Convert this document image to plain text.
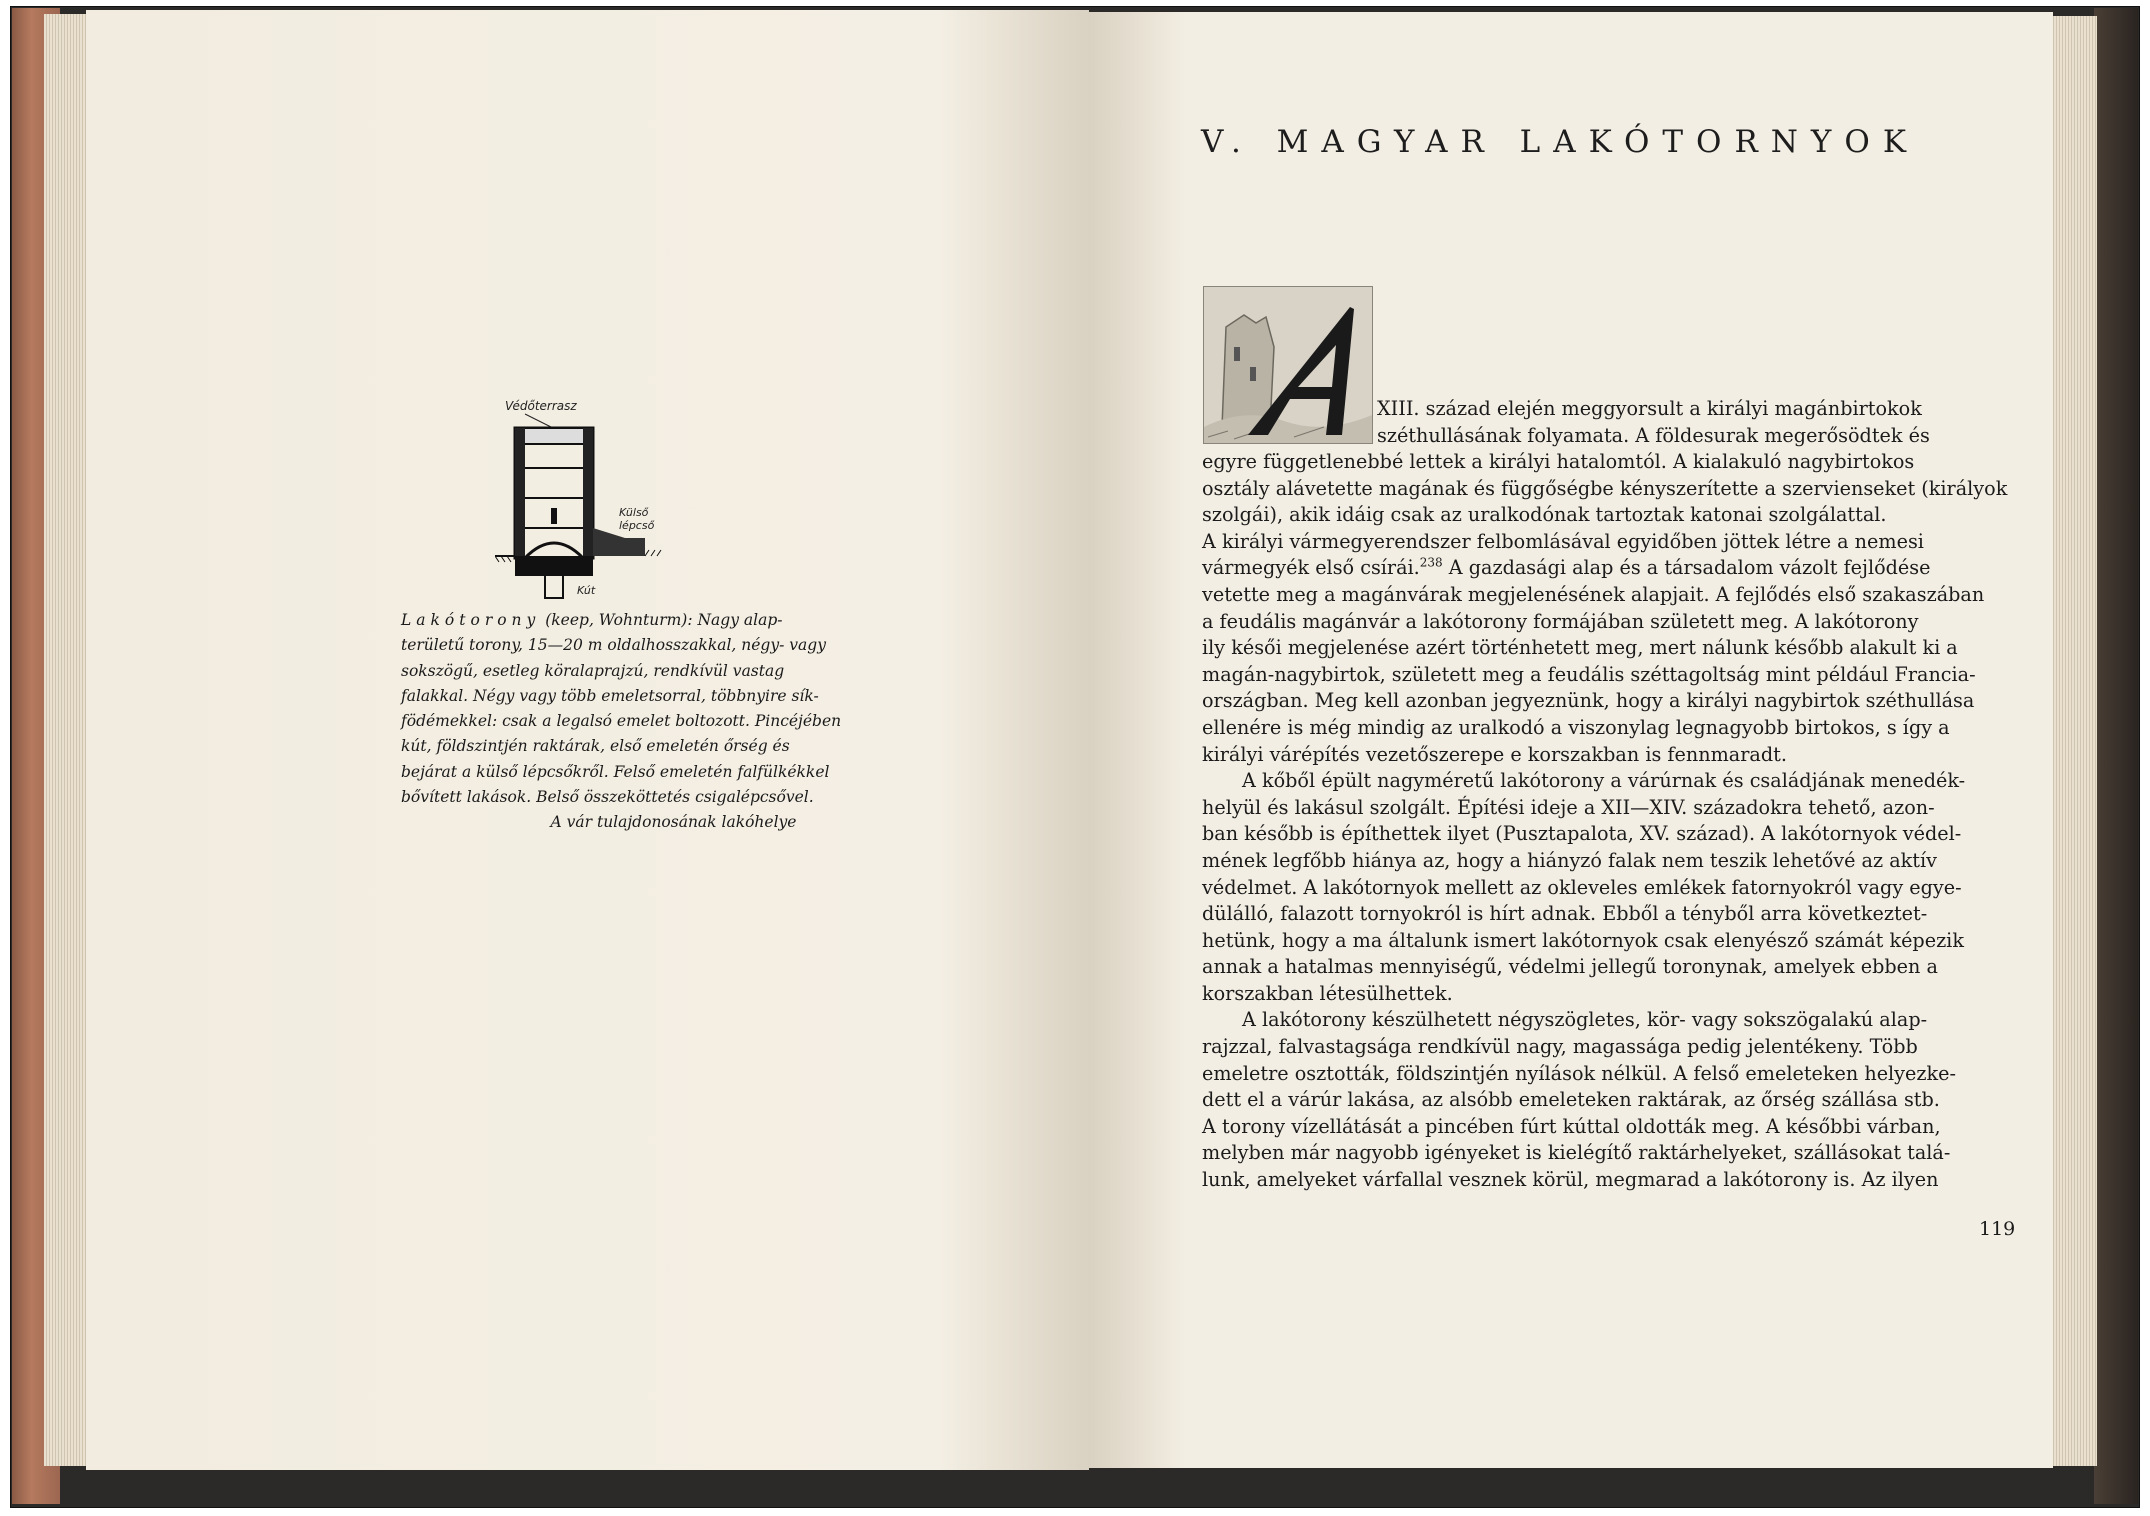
Védőterrasz
Külső
lépcső
Kút
Lakótorony (keep, Wohnturm): Nagy alap-
területű torony, 15—20 m oldalhosszakkal, négy- vagy
sokszögű, esetleg köralaprajzú, rendkívül vastag
falakkal. Négy vagy több emeletsorral, többnyire sík-
födémekkel: csak a legalsó emelet boltozott. Pincéjében
kút, földszintjén raktárak, első emeletén őrség és
bejárat a külső lépcsőkről. Felső emeletén falfülkékkel
bővített lakások. Belső összeköttetés csigalépcsővel.
A vár tulajdonosának lakóhelye
V. MAGYAR LAKÓTORNYOK
XIII. század elején meggyorsult a királyi magánbirtokok
széthullásának folyamata. A földesurak megerősödtek és
egyre függetlenebbé lettek a királyi hatalomtól. A kialakuló nagybirtokos
osztály alávetette magának és függőségbe kényszerítette a szervienseket (királyok
szolgái), akik idáig csak az uralkodónak tartoztak katonai szolgálattal.
A királyi vármegyerendszer felbomlásával egyidőben jöttek létre a nemesi
vármegyék első csírái.$^{238}$ A gazdasági alap és a társadalom vázolt fejlődése
vetette meg a magánvárak megjelenésének alapjait. A fejlődés első szakaszában
a feudális magánvár a lakótorony formájában született meg. A lakótorony
ily késői megjelenése azért történhetett meg, mert nálunk később alakult ki a
magán-nagybirtok, született meg a feudális széttagoltság mint például Francia-
országban. Meg kell azonban jegyeznünk, hogy a királyi nagybirtok széthullása
ellenére is még mindig az uralkodó a viszonylag legnagyobb birtokos, s így a
királyi várépítés vezetőszerepe e korszakban is fennmaradt.
A kőből épült nagyméretű lakótorony a várúrnak és családjának menedék-
helyül és lakásul szolgált. Építési ideje a XII—XIV. századokra tehető, azon-
ban később is építhettek ilyet (Pusztapalota, XV. század). A lakótornyok védel-
mének legfőbb hiánya az, hogy a hiányzó falak nem teszik lehetővé az aktív
védelmet. A lakótornyok mellett az okleveles emlékek fatornyokról vagy egye-
dülálló, falazott tornyokról is hírt adnak. Ebből a tényből arra következtet-
hetünk, hogy a ma általunk ismert lakótornyok csak elenyésző számát képezik
annak a hatalmas mennyiségű, védelmi jellegű toronynak, amelyek ebben a
korszakban létesülhettek.
A lakótorony készülhetett négyszögletes, kör- vagy sokszögalakú alap-
rajzzal, falvastagsága rendkívül nagy, magassága pedig jelentékeny. Több
emeletre osztották, földszintjén nyílások nélkül. A felső emeleteken helyezke-
dett el a várúr lakása, az alsóbb emeleteken raktárak, az őrség szállása stb.
A torony vízellátását a pincében fúrt kúttal oldották meg. A későbbi várban,
melyben már nagyobb igényeket is kielégítő raktárhelyeket, szállásokat talá-
lunk, amelyeket várfallal vesznek körül, megmarad a lakótorony is. Az ilyen
119
